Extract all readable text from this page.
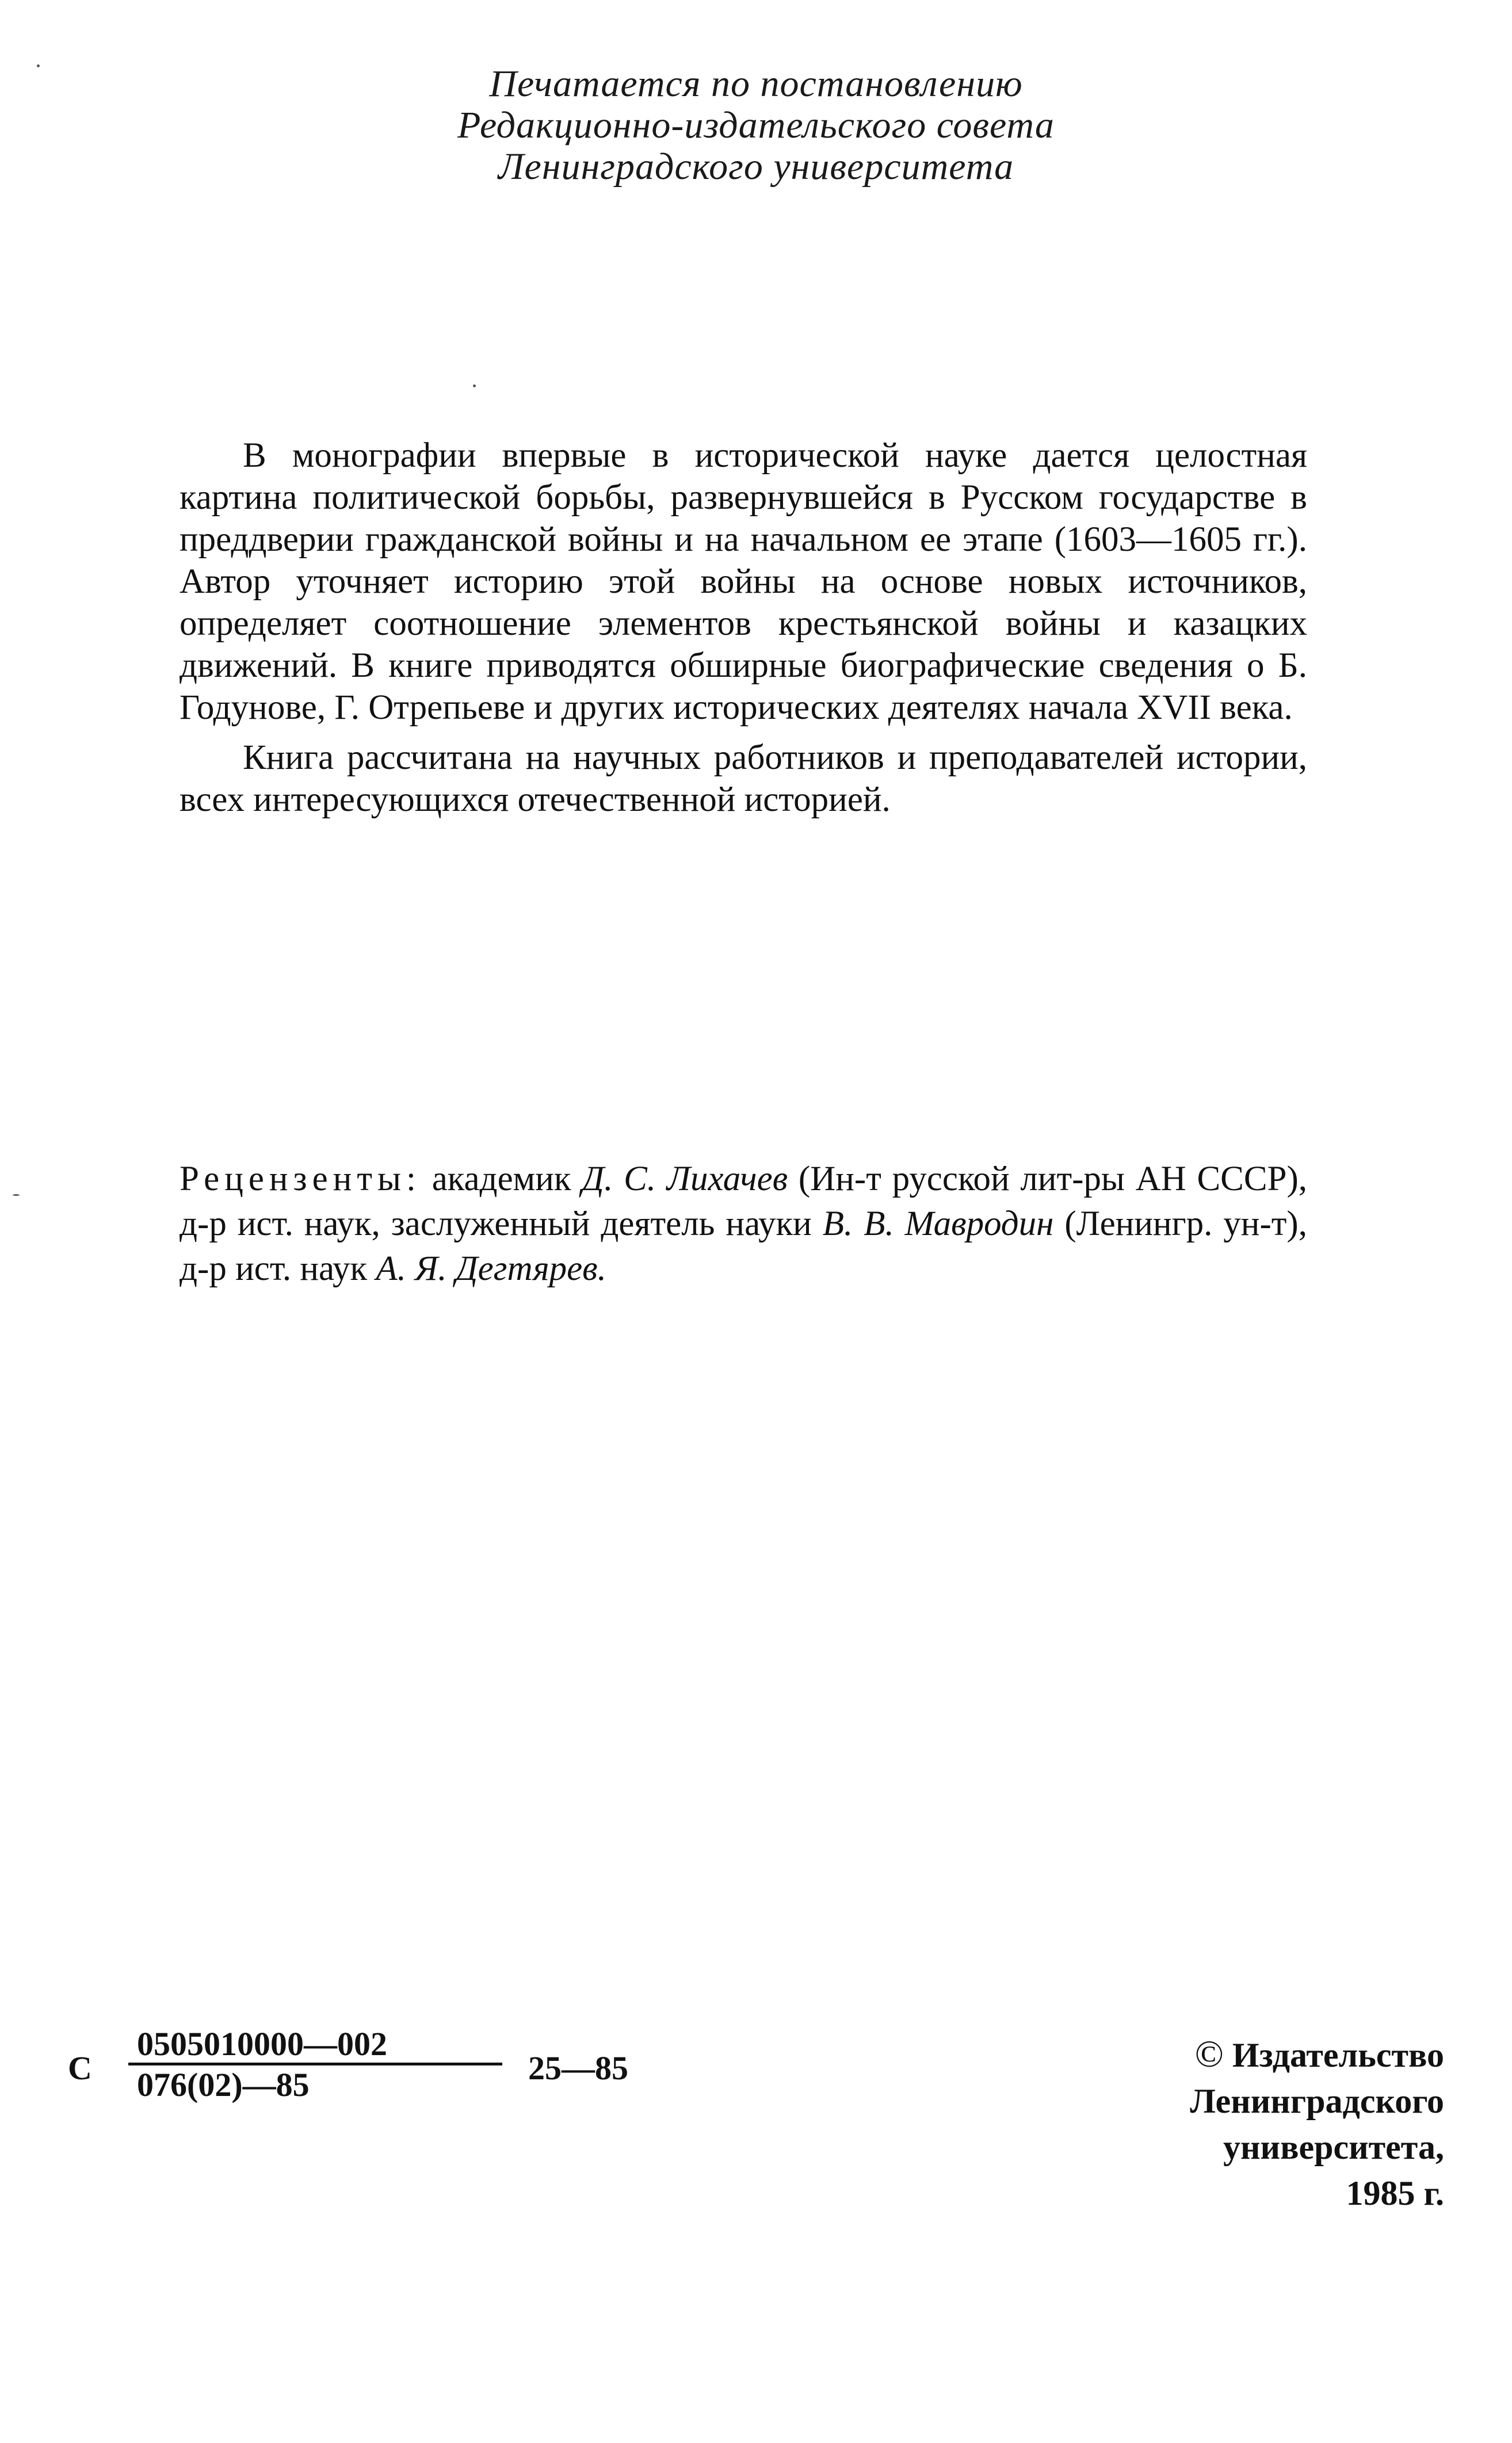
Печатается по постановлению
Редакционно-издательского совета
Ленинградского университета

В монографии впервые в исторической науке дается целостная картина политической борьбы, развернувшейся в Русском государстве в преддверии гражданской войны и на начальном ее этапе (1603—1605 гг.). Автор уточняет историю этой войны на основе новых источников, определяет соотношение элементов крестьянской войны и казацких движений. В книге приводятся обширные биографические сведения о Б. Годунове, Г. Отрепьеве и других исторических деятелях начала XVII века.

Книга рассчитана на научных работников и преподавателей истории, всех интересующихся отечественной историей.

Рецензенты: академик Д. С. Лихачев (Ин-т русской лит-ры АН СССР), д-р ист. наук, заслуженный деятель науки В. В. Мавродин (Ленингр. ун-т), д-р ист. наук А. Я. Дегтярев.
С
0505010000—002
076(02)—85	25—85	© Издательство
Ленинградского
университета,
1985 г.
